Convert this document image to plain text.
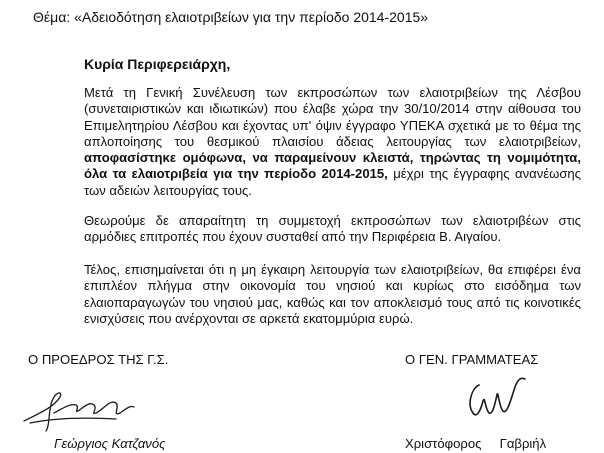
Θέμα: «Αδειοδότηση ελαιοτριβείων για την περίοδο 2014-2015»
Κυρία Περιφερειάρχη,
Μετά τη Γενική Συνέλευση των εκπροσώπων των ελαιοτριβείων της Λέσβου (συνεταιριστικών και ιδιωτικών) που έλαβε χώρα την 30/10/2014 στην αίθουσα του Επιμελητηρίου Λέσβου και έχοντας υπ' όψιν έγγραφο ΥΠΕΚΑ σχετικά με το θέμα της απλοποίησης του θεσμικού πλαισίου άδειας λειτουργίας των ελαιοτριβείων, αποφασίστηκε ομόφωνα, να παραμείνουν κλειστά, τηρώντας τη νομιμότητα, όλα τα ελαιοτριβεία για την περίοδο 2014-2015, μέχρι της έγγραφης ανανέωσης των αδειών λειτουργίας τους.
Θεωρούμε δε απαραίτητη τη συμμετοχή εκπροσώπων των ελαιοτριβέων στις αρμόδιες επιτροπές που έχουν συσταθεί από την Περιφέρεια Β. Αιγαίου.
Τέλος, επισημαίνεται ότι η μη έγκαιρη λειτουργία των ελαιοτριβείων, θα επιφέρει ένα επιπλέον πλήγμα στην οικονομία του νησιού και κυρίως στο εισόδημα των ελαιοπαραγωγών του νησιού μας, καθώς και τον αποκλεισμό τους από τις κοινοτικές ενισχύσεις που ανέρχονται σε αρκετά εκατομμύρια ευρώ.
Ο ΠΡΟΕΔΡΟΣ ΤΗΣ Γ.Σ.	Ο ΓΕΝ. ΓΡΑΜΜΑΤΕΑΣ
Γεώργιος Κατζανός	Χριστόφορος     Γαβριήλ
